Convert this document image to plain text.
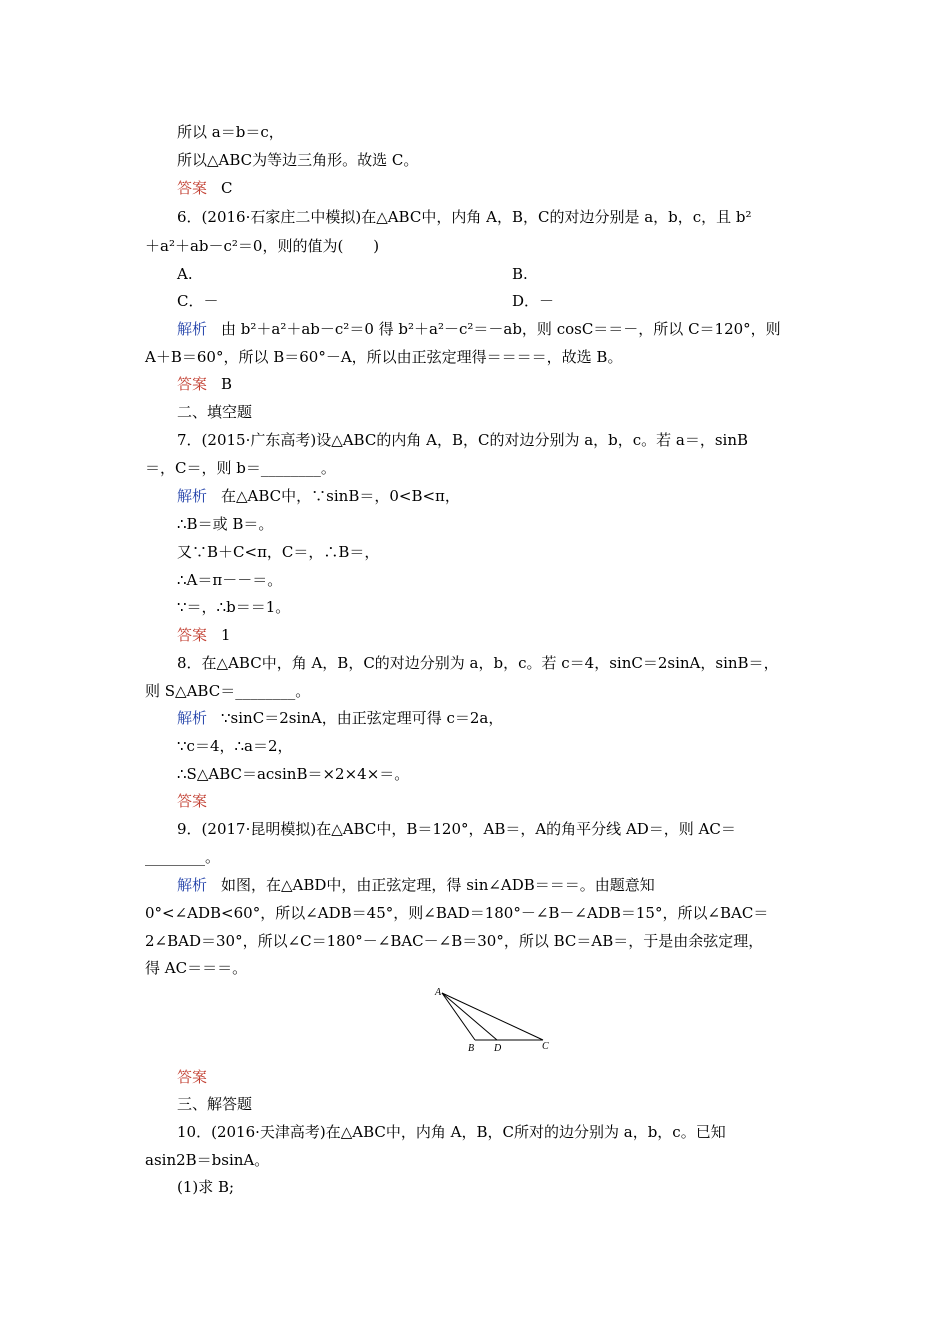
所以 a＝b＝c，
所以△ABC为等边三角形。故选 C。
答案 C
6．(2016·石家庄二中模拟)在△ABC中，内角 A，B，C的对边分别是 a，b，c，且 b²
＋a²＋ab－c²＝0，则的值为(　　)
A.	B.
C．－	D．－
解析 由 b²＋a²＋ab－c²＝0 得 b²＋a²－c²＝－ab，则 cosC＝＝－，所以 C＝120°，则
A＋B＝60°，所以 B＝60°－A，所以由正弦定理得＝＝＝＝，故选 B。
答案 B
二、填空题
7．(2015·广东高考)设△ABC的内角 A，B，C的对边分别为 a，b，c。若 a＝，sinB
＝，C＝，则 b＝________。
解析 在△ABC中，∵sinB＝，0<B<π，
∴B＝或 B＝。
又∵B＋C<π，C＝，∴B＝，
∴A＝π－－＝。
∵＝，∴b＝＝1。
答案 1
8．在△ABC中，角 A，B，C的对边分别为 a，b，c。若 c＝4，sinC＝2sinA，sinB＝，
则 S△ABC＝________。
解析 ∵sinC＝2sinA，由正弦定理可得 c＝2a，
∵c＝4，∴a＝2，
∴S△ABC＝acsinB＝×2×4×＝。
答案
9．(2017·昆明模拟)在△ABC中，B＝120°，AB＝，A的角平分线 AD＝，则 AC＝
________。
解析 如图，在△ABD中，由正弦定理，得 sin∠ADB＝＝＝。由题意知
0°<∠ADB<60°，所以∠ADB＝45°，则∠BAD＝180°－∠B－∠ADB＝15°，所以∠BAC＝
2∠BAD＝30°，所以∠C＝180°－∠BAC－∠B＝30°，所以 BC＝AB＝，于是由余弦定理，
得 AC＝＝＝。
A
B D	C
答案
三、解答题
10．(2016·天津高考)在△ABC中，内角 A，B，C所对的边分别为 a，b，c。已知
asin2B＝bsinA。
(1)求 B;
